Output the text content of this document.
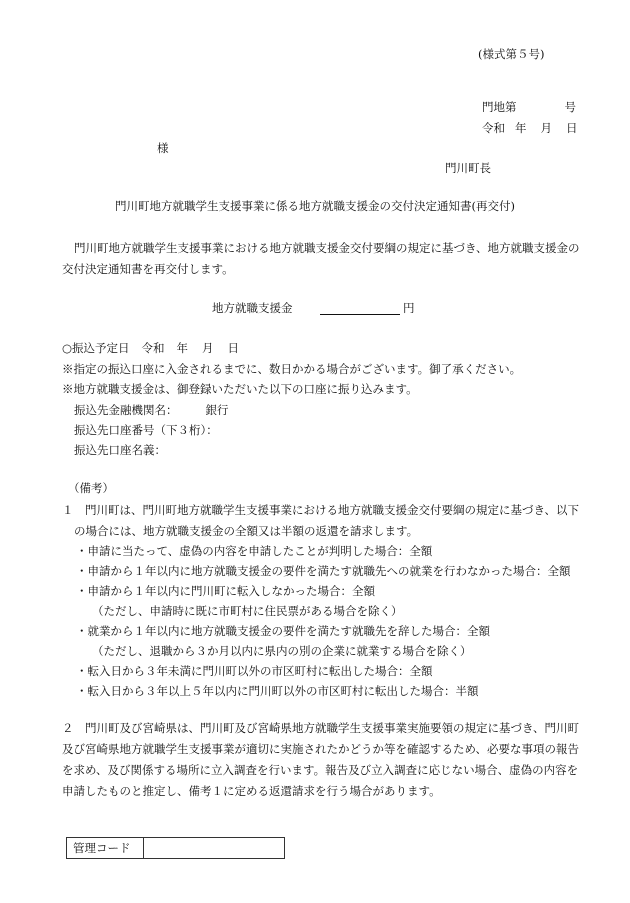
(様式第５号)
門地第	号
令和 年 月 日
様
門川町長
門川町地方就職学生支援事業に係る地方就職支援金の交付決定通知書(再交付)
門川町地方就職学生支援事業における地方就職支援金交付要綱の規定に基づき、地方就職支援金の交付決定通知書を再交付します。
地方就職支援金	円
○振込予定日 令和 年 月 日
※指定の振込口座に入金されるまでに、数日かかる場合がございます。御了承ください。
※地方就職支援金は、御登録いただいた以下の口座に振り込みます。
振込先金融機関名： 銀行
振込先口座番号（下３桁）：
振込先口座名義：
（備考）
１　門川町は、門川町地方就職学生支援事業における地方就職支援金交付要綱の規定に基づき、以下の場合には、地方就職支援金の全額又は半額の返還を請求します。
・申請に当たって、虚偽の内容を申請したことが判明した場合：全額
・申請から１年以内に地方就職支援金の要件を満たす就職先への就業を行わなかった場合：全額
・申請から１年以内に門川町に転入しなかった場合：全額
（ただし、申請時に既に市町村に住民票がある場合を除く）
・就業から１年以内に地方就職支援金の要件を満たす就職先を辞した場合：全額
（ただし、退職から３か月以内に県内の別の企業に就業する場合を除く）
・転入日から３年未満に門川町以外の市区町村に転出した場合：全額
・転入日から３年以上５年以内に門川町以外の市区町村に転出した場合：半額
２　門川町及び宮崎県は、門川町及び宮崎県地方就職学生支援事業実施要領の規定に基づき、門川町及び宮崎県地方就職学生支援事業が適切に実施されたかどうか等を確認するため、必要な事項の報告を求め、及び関係する場所に立入調査を行います。報告及び立入調査に応じない場合、虚偽の内容を申請したものと推定し、備考１に定める返還請求を行う場合があります。
管理コード	
